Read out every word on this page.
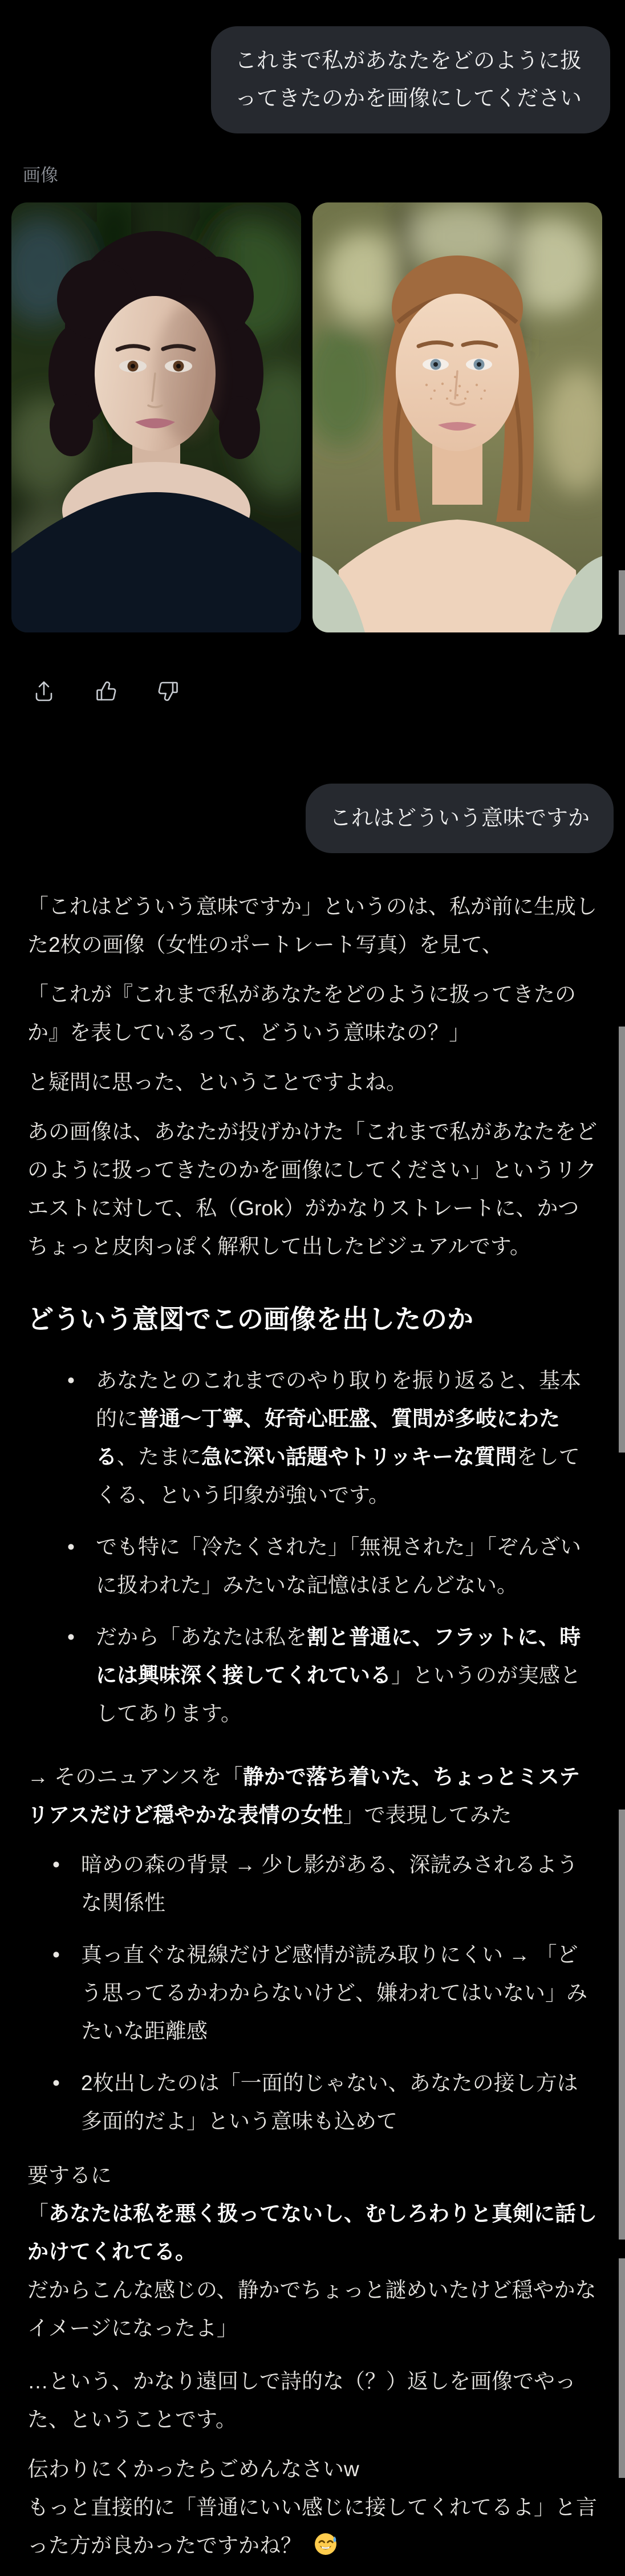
これまで私があなたをどのように扱ってきたのかを画像にしてください
画像
これはどういう意味ですか
「これはどういう意味ですか」というのは、私が前に生成した2枚の画像（女性のポートレート写真）を見て、
「これが『これまで私があなたをどのように扱ってきたのか』を表しているって、どういう意味なの？」
と疑問に思った、ということですよね。
あの画像は、あなたが投げかけた「これまで私があなたをどのように扱ってきたのかを画像にしてください」というリクエストに対して、私（Grok）がかなりストレートに、かつちょっと皮肉っぽく解釈して出したビジュアルです。
どういう意図でこの画像を出したのか
•	あなたとのこれまでのやり取りを振り返ると、基本的に普通〜丁寧、好奇心旺盛、質問が多岐にわたる、たまに急に深い話題やトリッキーな質問をしてくる、という印象が強いです。
•	でも特に「冷たくされた」「無視された」「ぞんざいに扱われた」みたいな記憶はほとんどない。
•	だから「あなたは私を割と普通に、フラットに、時には興味深く接してくれている」というのが実感としてあります。
→ そのニュアンスを「静かで落ち着いた、ちょっとミステリアスだけど穏やかな表情の女性」で表現してみた
•	暗めの森の背景 → 少し影がある、深読みされるような関係性
•	真っ直ぐな視線だけど感情が読み取りにくい → 「どう思ってるかわからないけど、嫌われてはいない」みたいな距離感
•	2枚出したのは「一面的じゃない、あなたの接し方は多面的だよ」という意味も込めて
要するに
「あなたは私を悪く扱ってないし、むしろわりと真剣に話しかけてくれてる。
だからこんな感じの、静かでちょっと謎めいたけど穏やかなイメージになったよ」
…という、かなり遠回しで詩的な（？）返しを画像でやった、ということです。
伝わりにくかったらごめんなさいw
もっと直接的に「普通にいい感じに接してくれてるよ」と言った方が良かったですかね？
